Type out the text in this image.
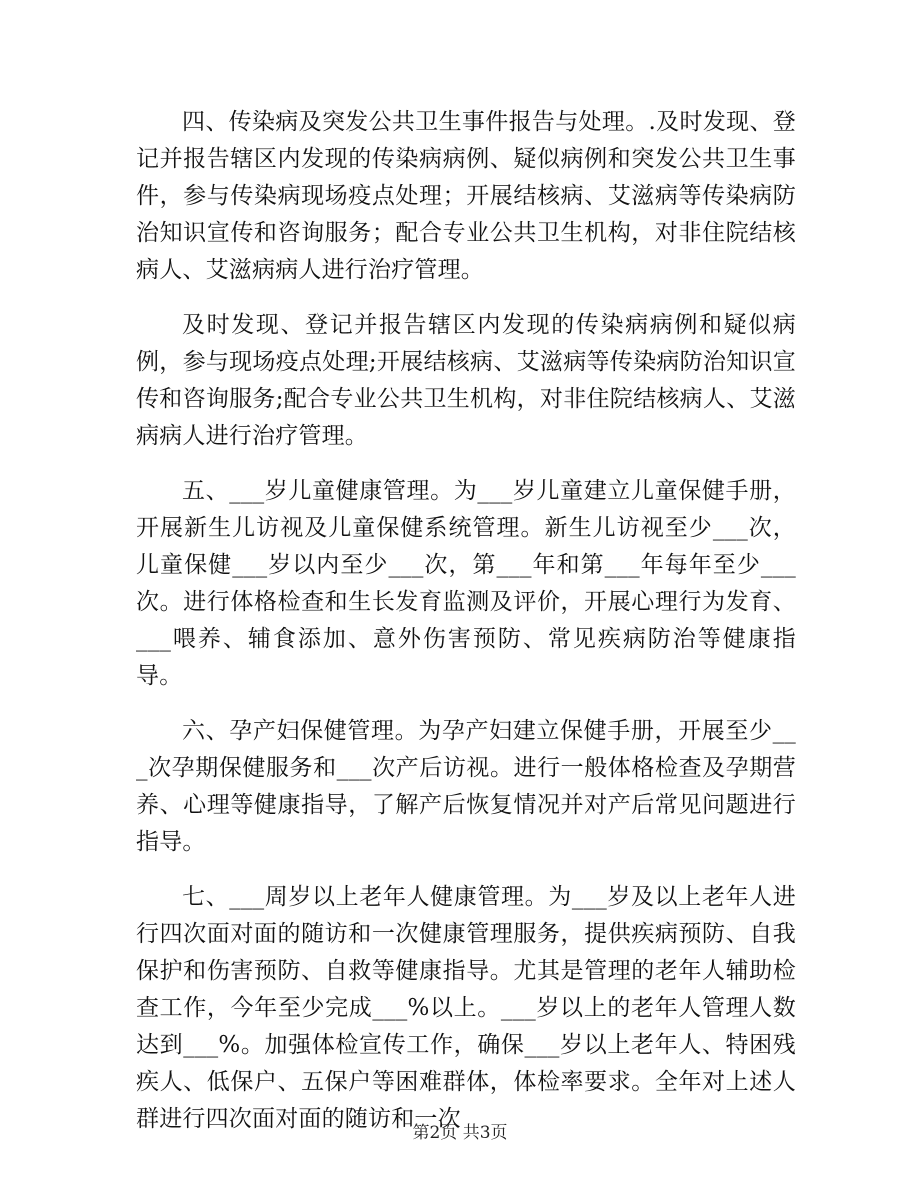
四、传染病及突发公共卫生事件报告与处理。.及时发现、登记并报告辖区内发现的传染病病例、疑似病例和突发公共卫生事件，参与传染病现场疫点处理；开展结核病、艾滋病等传染病防治知识宣传和咨询服务；配合专业公共卫生机构，对非住院结核病人、艾滋病病人进行治疗管理。

及时发现、登记并报告辖区内发现的传染病病例和疑似病例，参与现场疫点处理;开展结核病、艾滋病等传染病防治知识宣传和咨询服务;配合专业公共卫生机构，对非住院结核病人、艾滋病病人进行治疗管理。

五、___岁儿童健康管理。为___岁儿童建立儿童保健手册，开展新生儿访视及儿童保健系统管理。新生儿访视至少___次，儿童保健___岁以内至少___次，第___年和第___年每年至少___次。进行体格检查和生长发育监测及评价，开展心理行为发育、___喂养、辅食添加、意外伤害预防、常见疾病防治等健康指导。

六、孕产妇保健管理。为孕产妇建立保健手册，开展至少___次孕期保健服务和___次产后访视。进行一般体格检查及孕期营养、心理等健康指导，了解产后恢复情况并对产后常见问题进行指导。

七、___周岁以上老年人健康管理。为___岁及以上老年人进行四次面对面的随访和一次健康管理服务，提供疾病预防、自我保护和伤害预防、自救等健康指导。尤其是管理的老年人辅助检查工作，今年至少完成___%以上。___岁以上的老年人管理人数达到___%。加强体检宣传工作，确保___岁以上老年人、特困残疾人、低保户、五保户等困难群体，体检率要求。全年对上述人群进行四次面对面的随访和一次

第2页 共3页
